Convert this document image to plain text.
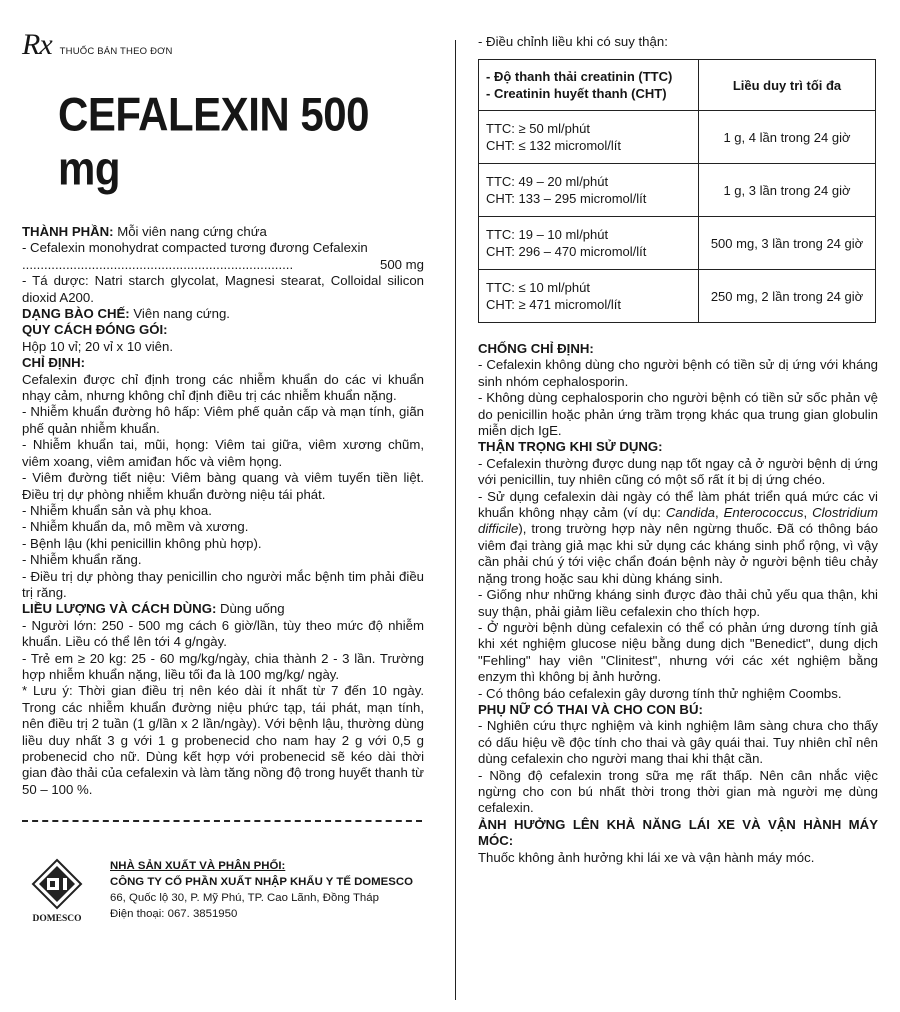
Rx THUỐC BÁN THEO ĐƠN
CEFALEXIN 500 mg

THÀNH PHẦN: Mỗi viên nang cứng chứa

- Cefalexin monohydrat compacted tương đương Cefalexin

..........................................................................	500 mg

- Tá dược: Natri starch glycolat, Magnesi stearat, Colloidal silicon dioxid A200.

DẠNG BÀO CHẾ: Viên nang cứng.

QUY CÁCH ĐÓNG GÓI:

Hộp 10 vỉ; 20 vỉ x 10 viên.

CHỈ ĐỊNH:

Cefalexin được chỉ định trong các nhiễm khuẩn do các vi khuẩn nhạy cảm, nhưng không chỉ định điều trị các nhiễm khuẩn nặng.

- Nhiễm khuẩn đường hô hấp: Viêm phế quản cấp và mạn tính, giãn phế quản nhiễm khuẩn.

- Nhiễm khuẩn tai, mũi, họng: Viêm tai giữa, viêm xương chũm, viêm xoang, viêm amiđan hốc và viêm họng.

- Viêm đường tiết niệu: Viêm bàng quang và viêm tuyến tiền liệt. Điều trị dự phòng nhiễm khuẩn đường niệu tái phát.

- Nhiễm khuẩn sản và phụ khoa.

- Nhiễm khuẩn da, mô mềm và xương.

- Bệnh lậu (khi penicillin không phù hợp).

- Nhiễm khuẩn răng.

- Điều trị dự phòng thay penicillin cho người mắc bệnh tim phải điều trị răng.

LIỀU LƯỢNG VÀ CÁCH DÙNG: Dùng uống

- Người lớn: 250 - 500 mg cách 6 giờ/lần, tùy theo mức độ nhiễm khuẩn. Liều có thể lên tới 4 g/ngày.

- Trẻ em ≥ 20 kg: 25 - 60 mg/kg/ngày, chia thành 2 - 3 lần. Trường hợp nhiễm khuẩn nặng, liều tối đa là 100 mg/kg/ ngày.

* Lưu ý: Thời gian điều trị nên kéo dài ít nhất từ 7 đến 10 ngày. Trong các nhiễm khuẩn đường niệu phức tạp, tái phát, mạn tính, nên điều trị 2 tuần (1 g/lần x 2 lần/ngày). Với bệnh lậu, thường dùng liều duy nhất 3 g với 1 g probenecid cho nam hay 2 g với 0,5 g probenecid cho nữ. Dùng kết hợp với probenecid sẽ kéo dài thời gian đào thải của cefalexin và làm tăng nồng độ trong huyết thanh từ 50 – 100 %.

DOMESCO
NHÀ SẢN XUẤT VÀ PHÂN PHỐI:
CÔNG TY CỔ PHẦN XUẤT NHẬP KHẨU Y TẾ DOMESCO
66, Quốc lộ 30, P. Mỹ Phú, TP. Cao Lãnh, Đồng Tháp
Điện thoại: 067. 3851950
- Điều chỉnh liều khi có suy thận:
- Độ thanh thải creatinin (TTC)
- Creatinin huyết thanh (CHT)	Liều duy trì tối đa

TTC: ≥ 50 ml/phút
CHT: ≤ 132 micromol/lít	1 g, 4 lần trong 24 giờ

TTC: 49 – 20 ml/phút
CHT: 133 – 295 micromol/lít	1 g, 3 lần trong 24 giờ

TTC: 19 – 10 ml/phút
CHT: 296 – 470 micromol/lít	500 mg, 3 lần trong 24 giờ

TTC: ≤ 10 ml/phút
CHT: ≥ 471 micromol/lít	250 mg, 2 lần trong 24 giờ

CHỐNG CHỈ ĐỊNH:

- Cefalexin không dùng cho người bệnh có tiền sử dị ứng với kháng sinh nhóm cephalosporin.

- Không dùng cephalosporin cho người bệnh có tiền sử sốc phản vệ do penicillin hoặc phản ứng trầm trọng khác qua trung gian globulin miễn dịch IgE.

THẬN TRỌNG KHI SỬ DỤNG:

- Cefalexin thường được dung nạp tốt ngay cả ở người bệnh dị ứng với penicillin, tuy nhiên cũng có một số rất ít bị dị ứng chéo.

- Sử dụng cefalexin dài ngày có thể làm phát triển quá mức các vi khuẩn không nhạy cảm (ví dụ: Candida, Enterococcus, Clostridium difficile), trong trường hợp này nên ngừng thuốc. Đã có thông báo viêm đại tràng giả mạc khi sử dụng các kháng sinh phổ rộng, vì vậy cần phải chú ý tới việc chẩn đoán bệnh này ở người bệnh tiêu chảy nặng trong hoặc sau khi dùng kháng sinh.

- Giống như những kháng sinh được đào thải chủ yếu qua thận, khi suy thận, phải giảm liều cefalexin cho thích hợp.

- Ở người bệnh dùng cefalexin có thể có phản ứng dương tính giả khi xét nghiệm glucose niệu bằng dung dịch "Benedict", dung dịch "Fehling" hay viên "Clinitest", nhưng với các xét nghiệm bằng enzym thì không bị ảnh hưởng.

- Có thông báo cefalexin gây dương tính thử nghiệm Coombs.

PHỤ NỮ CÓ THAI VÀ CHO CON BÚ:

- Nghiên cứu thực nghiệm và kinh nghiệm lâm sàng chưa cho thấy có dấu hiệu về độc tính cho thai và gây quái thai. Tuy nhiên chỉ nên dùng cefalexin cho người mang thai khi thật cần.

- Nồng độ cefalexin trong sữa mẹ rất thấp. Nên cân nhắc việc ngừng cho con bú nhất thời trong thời gian mà người mẹ dùng cefalexin.

ẢNH HƯỞNG LÊN KHẢ NĂNG LÁI XE VÀ VẬN HÀNH MÁY MÓC:

Thuốc không ảnh hưởng khi lái xe và vận hành máy móc.
